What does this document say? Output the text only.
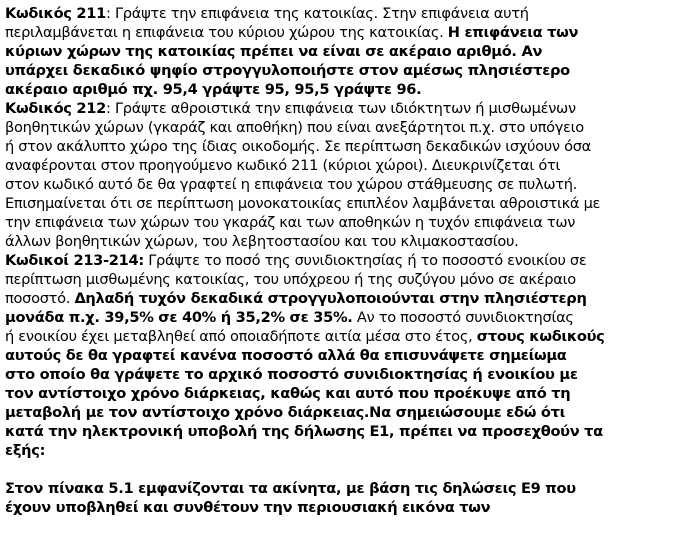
Κωδικός 211: Γράψτε την επιφάνεια της κατοικίας. Στην επιφάνεια αυτή
περιλαμβάνεται η επιφάνεια του κύριου χώρου της κατοικίας. Η επιφάνεια των
κύριων χώρων της κατοικίας πρέπει να είναι σε ακέραιο αριθμό. Αν
υπάρχει δεκαδικό ψηφίο στρογγυλοποιήστε στον αμέσως πλησιέστερο
ακέραιο αριθμό πχ. 95,4 γράψτε 95, 95,5 γράψτε 96.
Κωδικός 212: Γράψτε αθροιστικά την επιφάνεια των ιδιόκτητων ή μισθωμένων
βοηθητικών χώρων (γκαράζ και αποθήκη) που είναι ανεξάρτητοι π.χ. στο υπόγειο
ή στον ακάλυπτο χώρο της ίδιας οικοδομής. Σε περίπτωση δεκαδικών ισχύουν όσα
αναφέρονται στον προηγούμενο κωδικό 211 (κύριοι χώροι). Διευκρινίζεται ότι
στον κωδικό αυτό δε θα γραφτεί η επιφάνεια του χώρου στάθμευσης σε πυλωτή.
Επισημαίνεται ότι σε περίπτωση μονοκατοικίας επιπλέον λαμβάνεται αθροιστικά με
την επιφάνεια των χώρων του γκαράζ και των αποθηκών η τυχόν επιφάνεια των
άλλων βοηθητικών χώρων, του λεβητοστασίου και του κλιμακοστασίου.
Κωδικοί 213-214: Γράψτε το ποσό της συνιδιοκτησίας ή το ποσοστό ενοικίου σε
περίπτωση μισθωμένης κατοικίας, του υπόχρεου ή της συζύγου μόνο σε ακέραιο
ποσοστό. Δηλαδή τυχόν δεκαδικά στρογγυλοποιούνται στην πλησιέστερη
μονάδα π.χ. 39,5% σε 40% ή 35,2% σε 35%. Αν το ποσοστό συνιδιοκτησίας
ή ενοικίου έχει μεταβληθεί από οποιαδήποτε αιτία μέσα στο έτος, στους κωδικούς
αυτούς δε θα γραφτεί κανένα ποσοστό αλλά θα επισυνάψετε σημείωμα
στο οποίο θα γράψετε το αρχικό ποσοστό συνιδιοκτησίας ή ενοικίου με
τον αντίστοιχο χρόνο διάρκειας, καθώς και αυτό που προέκυψε από τη
μεταβολή με τον αντίστοιχο χρόνο διάρκειας.Να σημειώσουμε εδώ ότι
κατά την ηλεκτρονική υποβολή της δήλωσης Ε1, πρέπει να προσεχθούν τα
εξής:
Στον πίνακα 5.1 εμφανίζονται τα ακίνητα, με βάση τις δηλώσεις Ε9 που
έχουν υποβληθεί και συνθέτουν την περιουσιακή εικόνα των
